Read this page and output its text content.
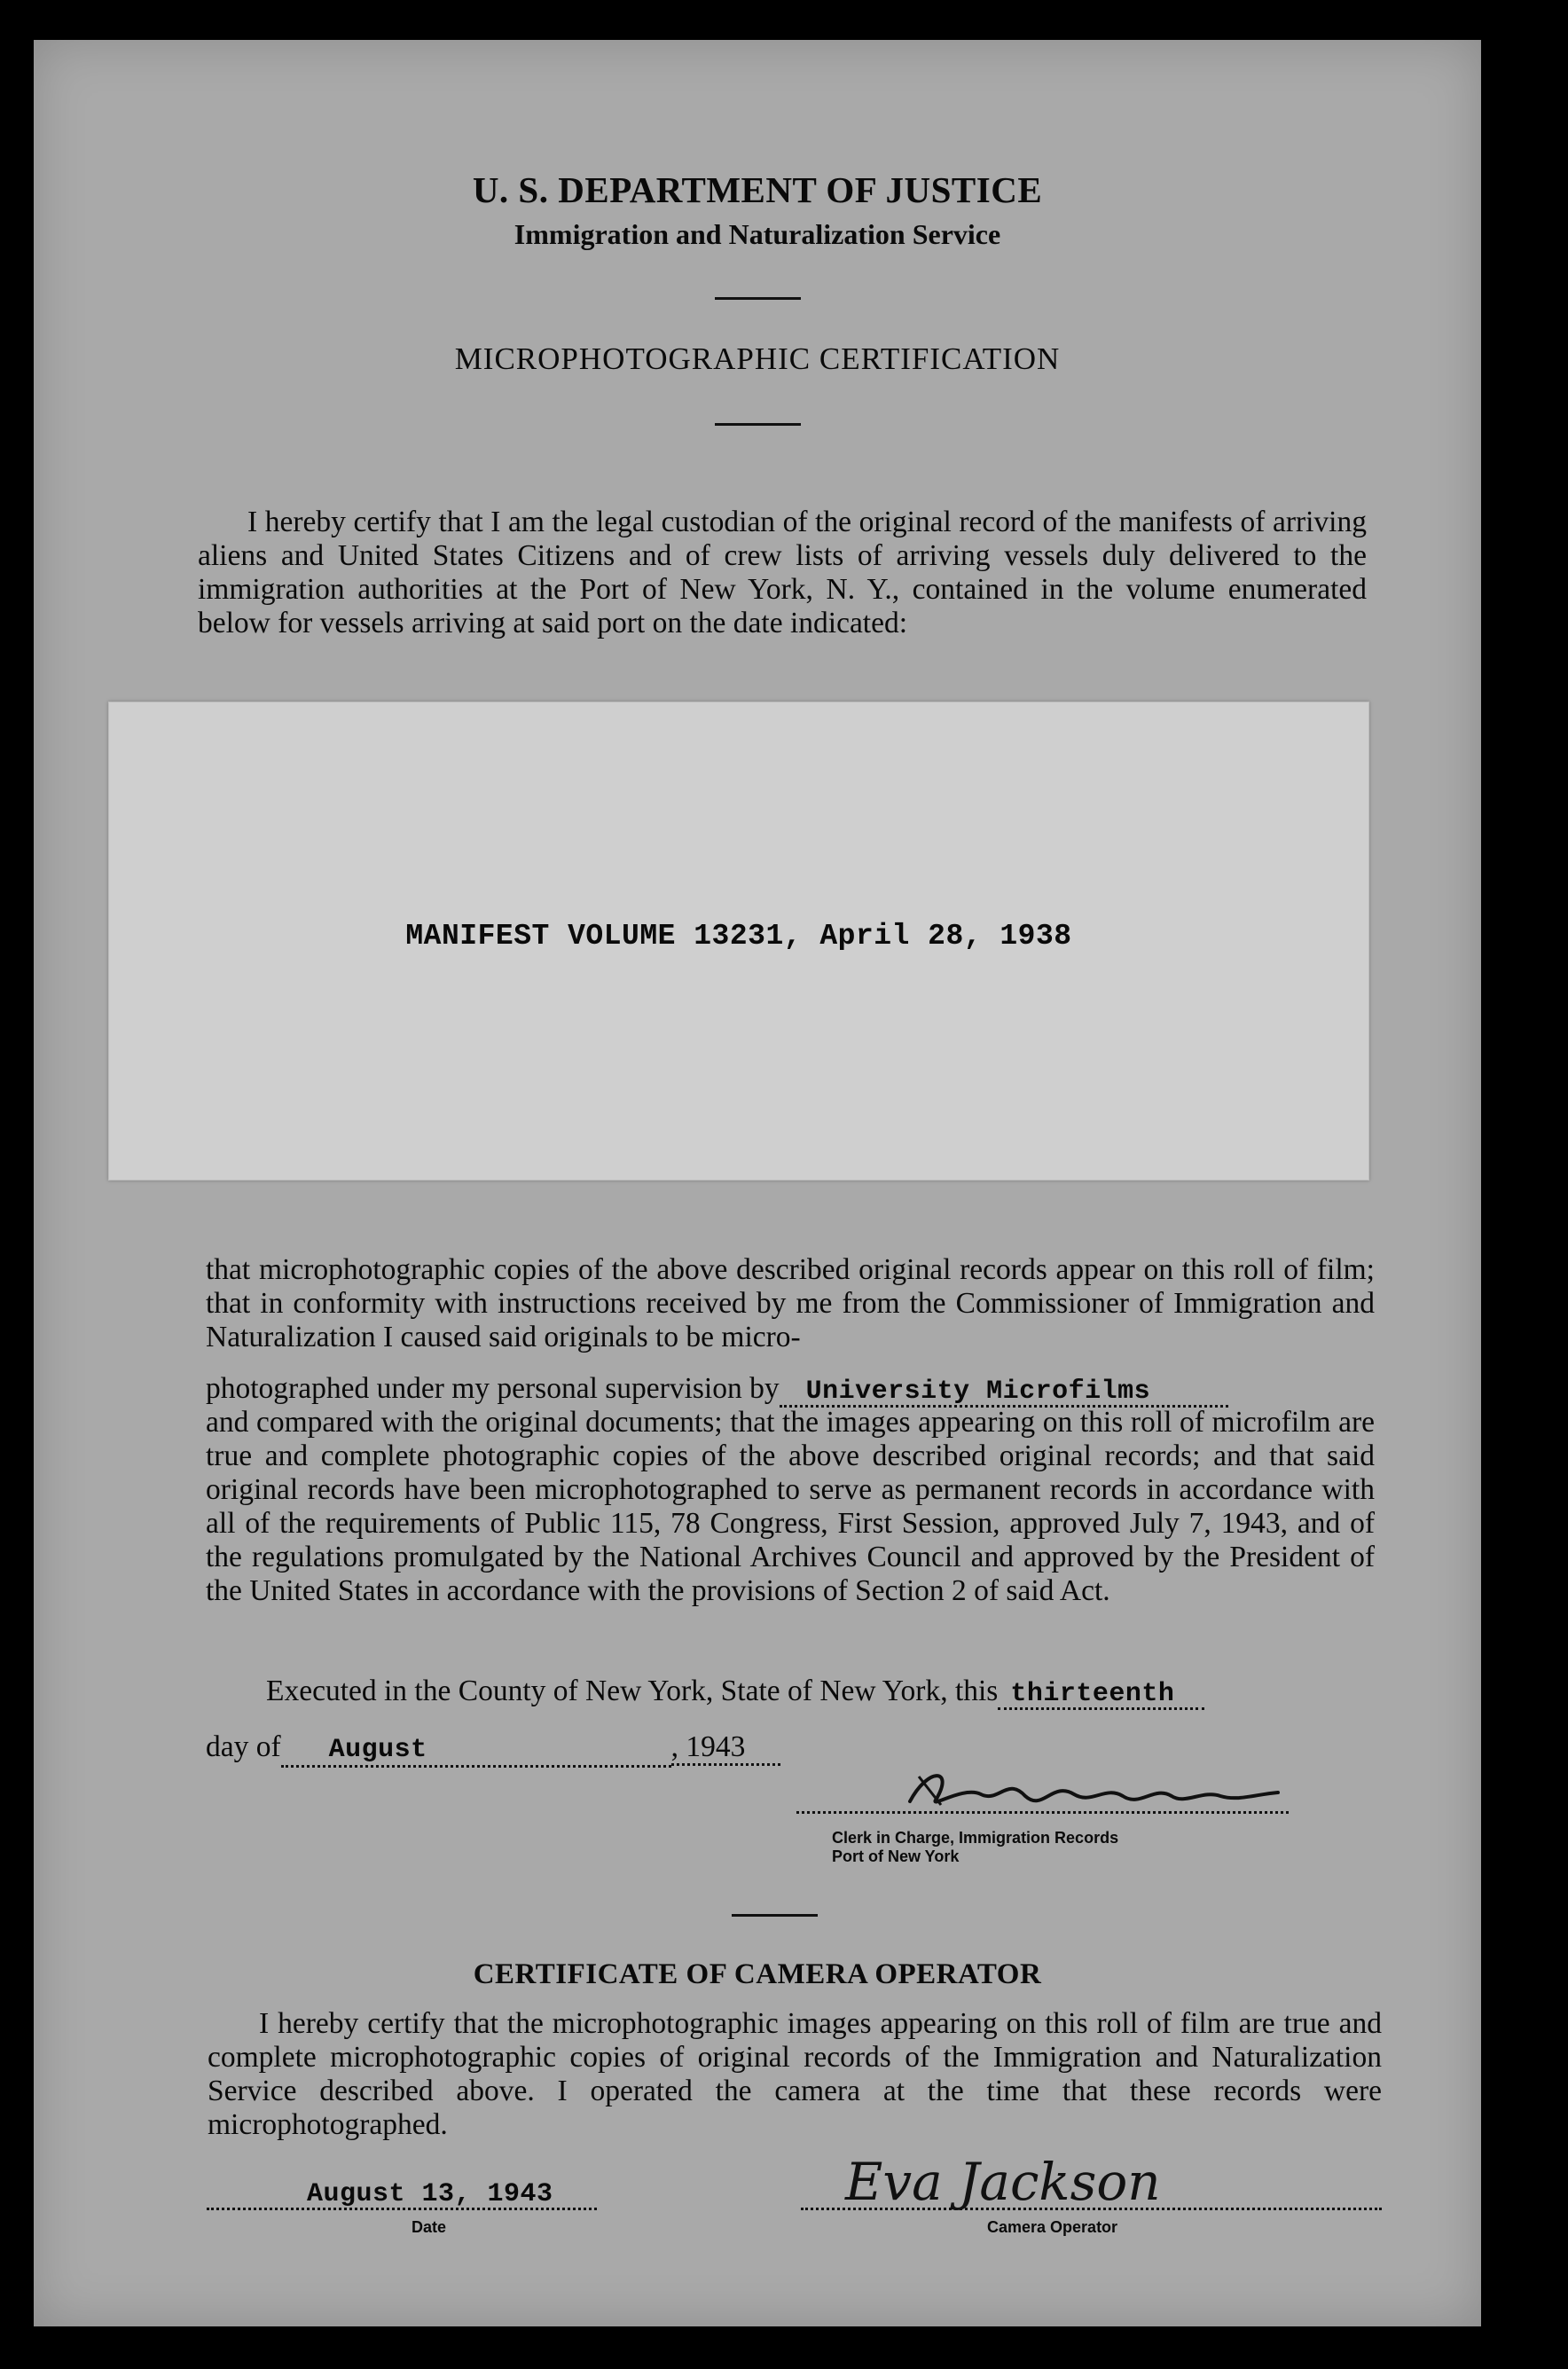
U. S. DEPARTMENT OF JUSTICE
Immigration and Naturalization Service
MICROPHOTOGRAPHIC CERTIFICATION
I hereby certify that I am the legal custodian of the original record of the manifests of arriving aliens and United States Citizens and of crew lists of arriving vessels duly delivered to the immigration authorities at the Port of New York, N. Y., contained in the volume enumerated below for vessels arriving at said port on the date indicated:
MANIFEST VOLUME 13231, April 28, 1938
that microphotographic copies of the above described original records appear on this roll of film; that in conformity with instructions received by me from the Commissioner of Immigration and Naturalization I caused said originals to be micro-
photographed under my personal supervision by University Microfilms
and compared with the original documents; that the images appearing on this roll of microfilm are true and complete photographic copies of the above described original records; and that said original records have been microphotographed to serve as permanent records in accordance with all of the requirements of Public 115, 78 Congress, First Session, approved July 7, 1943, and of the regulations promulgated by the National Archives Council and approved by the President of the United States in accordance with the provisions of Section 2 of said Act.
Executed in the County of New York, State of New York, this thirteenth
day of August	, 1943
Clerk in Charge, Immigration Records
Port of New York
CERTIFICATE OF CAMERA OPERATOR
I hereby certify that the microphotographic images appearing on this roll of film are true and complete microphotographic copies of original records of the Immigration and Naturalization Service described above. I operated the camera at the time that these records were microphotographed.
August 13, 1943
Date
Eva Jackson
Camera Operator
